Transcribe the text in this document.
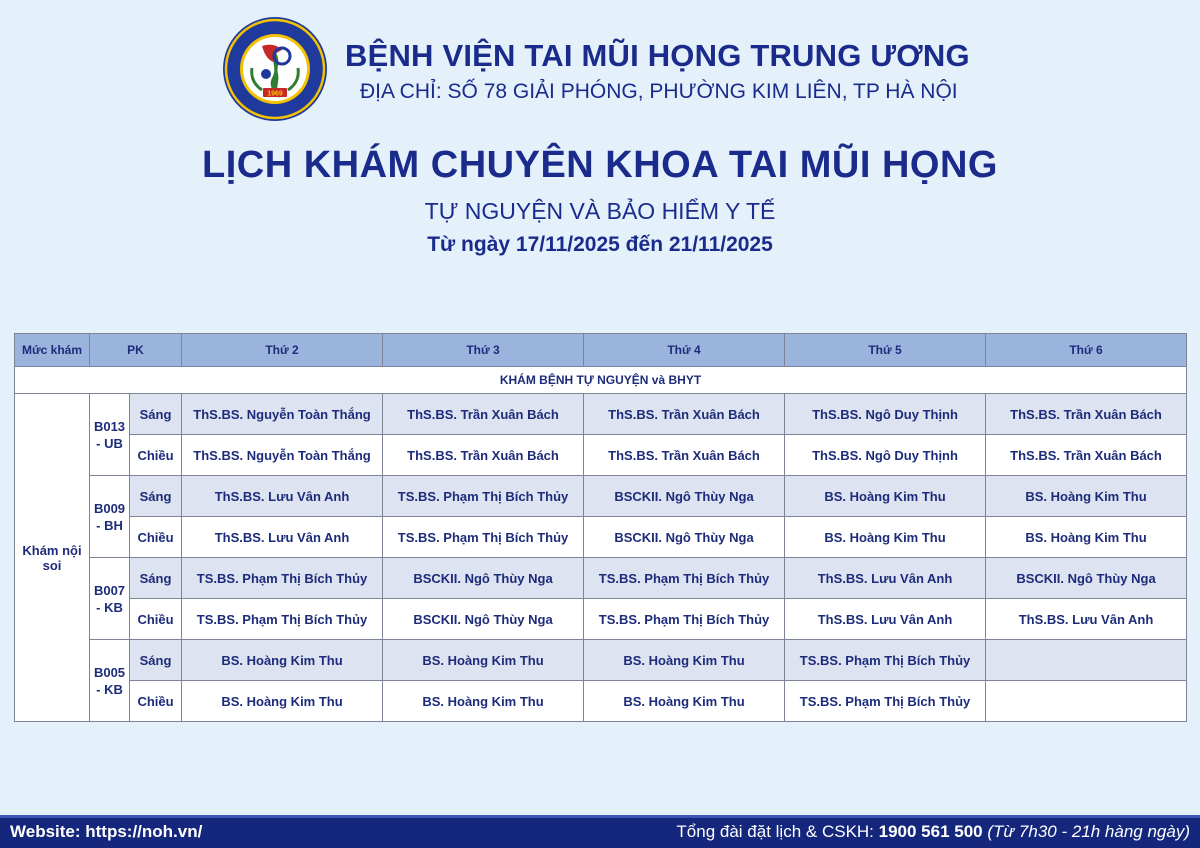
1969
BỆNH VIỆN TAI MŨI HỌNG TRUNG ƯƠNG
ĐỊA CHỈ: SỐ 78 GIẢI PHÓNG, PHƯỜNG KIM LIÊN, TP HÀ NỘI
LỊCH KHÁM CHUYÊN KHOA TAI MŨI HỌNG
TỰ NGUYỆN VÀ BẢO HIỂM Y TẾ
Từ ngày 17/11/2025 đến 21/11/2025
Mức khám	PK		Thứ 2	Thứ 3	Thứ 4	Thứ 5	Thứ 6
KHÁM BỆNH TỰ NGUYỆN và BHYT							
Khám nội soi	B013 - UB	Sáng	ThS.BS. Nguyễn Toàn Thắng	ThS.BS. Trần Xuân Bách	ThS.BS. Trần Xuân Bách	ThS.BS. Ngô Duy Thịnh	ThS.BS. Trần Xuân Bách
		Chiều	ThS.BS. Nguyễn Toàn Thắng	ThS.BS. Trần Xuân Bách	ThS.BS. Trần Xuân Bách	ThS.BS. Ngô Duy Thịnh	ThS.BS. Trần Xuân Bách
	B009 - BH	Sáng	ThS.BS. Lưu Vân Anh	TS.BS. Phạm Thị Bích Thủy	BSCKII. Ngô Thùy Nga	BS. Hoàng Kim Thu	BS. Hoàng Kim Thu
		Chiều	ThS.BS. Lưu Vân Anh	TS.BS. Phạm Thị Bích Thủy	BSCKII. Ngô Thùy Nga	BS. Hoàng Kim Thu	BS. Hoàng Kim Thu
	B007 - KB	Sáng	TS.BS. Phạm Thị Bích Thủy	BSCKII. Ngô Thùy Nga	TS.BS. Phạm Thị Bích Thủy	ThS.BS. Lưu Vân Anh	BSCKII. Ngô Thùy Nga
		Chiều	TS.BS. Phạm Thị Bích Thủy	BSCKII. Ngô Thùy Nga	TS.BS. Phạm Thị Bích Thủy	ThS.BS. Lưu Vân Anh	ThS.BS. Lưu Vân Anh
	B005 - KB	Sáng	BS. Hoàng Kim Thu	BS. Hoàng Kim Thu	BS. Hoàng Kim Thu	TS.BS. Phạm Thị Bích Thủy	
		Chiều	BS. Hoàng Kim Thu	BS. Hoàng Kim Thu	BS. Hoàng Kim Thu	TS.BS. Phạm Thị Bích Thủy	
Website: https://noh.vn/	Tổng đài đặt lịch & CSKH: 1900 561 500 (Từ 7h30 - 21h hàng ngày)
